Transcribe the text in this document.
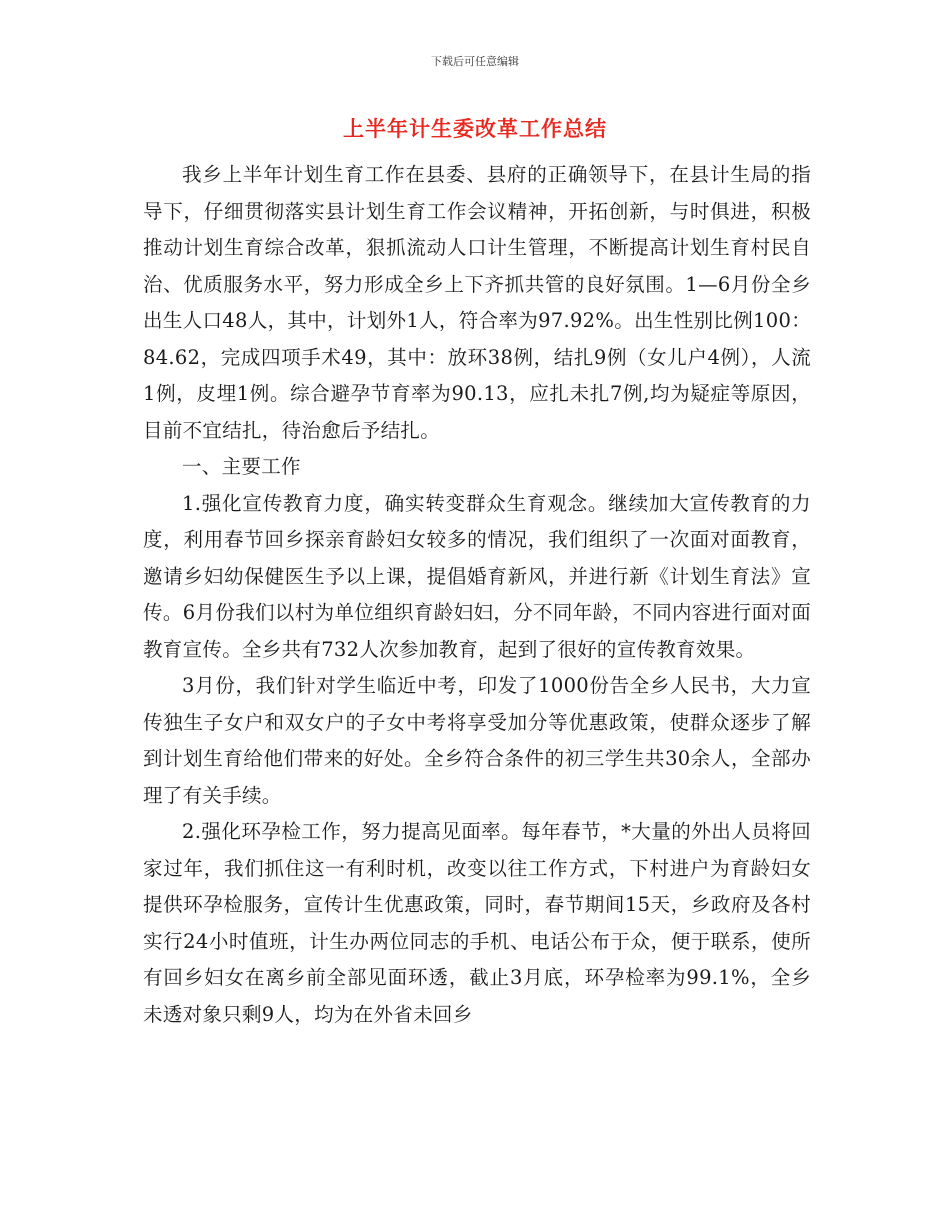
下载后可任意编辑
上半年计生委改革工作总结

我乡上半年计划生育工作在县委、县府的正确领导下，在县计生局的指导下，仔细贯彻落实县计划生育工作会议精神，开拓创新，与时俱进，积极推动计划生育综合改革，狠抓流动人口计生管理，不断提高计划生育村民自治、优质服务水平，努力形成全乡上下齐抓共管的良好氛围。1—6月份全乡出生人口48人，其中，计划外1人，符合率为97.92%。出生性别比例100：84.62，完成四项手术49，其中：放环38例，结扎9例（女儿户4例），人流1例，皮埋1例。综合避孕节育率为90.13，应扎未扎7例,均为疑症等原因，目前不宜结扎，待治愈后予结扎。

一、主要工作

1.强化宣传教育力度，确实转变群众生育观念。继续加大宣传教育的力度，利用春节回乡探亲育龄妇女较多的情况，我们组织了一次面对面教育，邀请乡妇幼保健医生予以上课，提倡婚育新风，并进行新《计划生育法》宣传。6月份我们以村为单位组织育龄妇妇，分不同年龄，不同内容进行面对面教育宣传。全乡共有732人次参加教育，起到了很好的宣传教育效果。

3月份，我们针对学生临近中考，印发了1000份告全乡人民书，大力宣传独生子女户和双女户的子女中考将享受加分等优惠政策，使群众逐步了解到计划生育给他们带来的好处。全乡符合条件的初三学生共30余人，全部办理了有关手续。

2.强化环孕检工作，努力提高见面率。每年春节，*大量的外出人员将回家过年，我们抓住这一有利时机，改变以往工作方式，下村进户为育龄妇女提供环孕检服务，宣传计生优惠政策，同时，春节期间15天，乡政府及各村实行24小时值班，计生办两位同志的手机、电话公布于众，便于联系，使所有回乡妇女在离乡前全部见面环透，截止3月底，环孕检率为99.1%，全乡未透对象只剩9人，均为在外省未回乡
